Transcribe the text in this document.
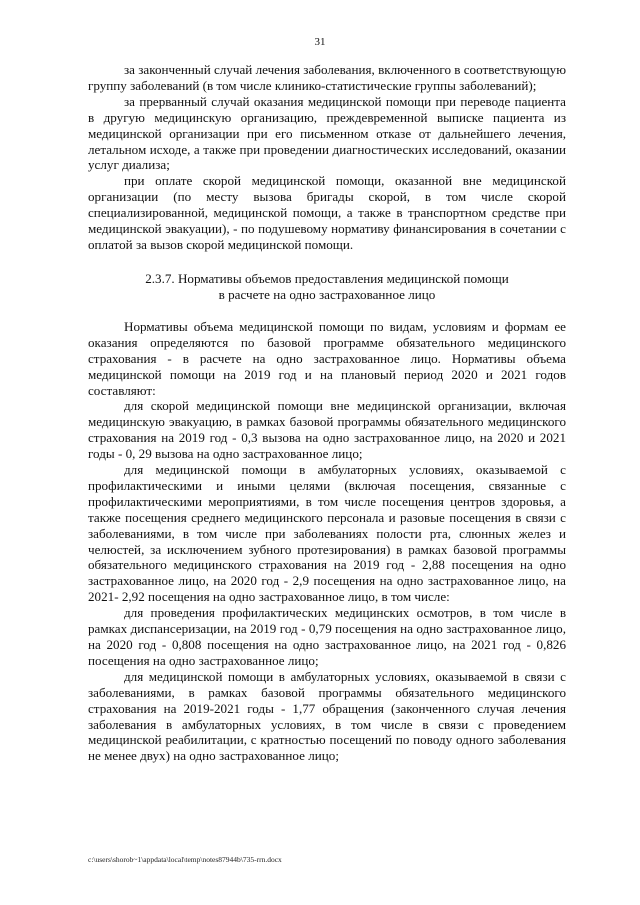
31

за законченный случай лечения заболевания, включенного в соответствующую группу заболеваний (в том числе клинико-статистические группы заболеваний);

за прерванный случай оказания медицинской помощи при переводе пациента в другую медицинскую организацию, преждевременной выписке пациента из медицинской организации при его письменном отказе от дальнейшего лечения, летальном исходе, а также при проведении диагностических исследований, оказании услуг диализа;

при оплате скорой медицинской помощи, оказанной вне медицинской организации (по месту вызова бригады скорой, в том числе скорой специализированной, медицинской помощи, а также в транспортном средстве при медицинской эвакуации), - по подушевому нормативу финансирования в сочетании с оплатой за вызов скорой медицинской помощи.

2.3.7. Нормативы объемов предоставления медицинской помощи
в расчете на одно застрахованное лицо

Нормативы объема медицинской помощи по видам, условиям и формам ее оказания определяются по базовой программе обязательного медицинского страхования - в расчете на одно застрахованное лицо. Нормативы объема медицинской помощи на 2019 год и на плановый период 2020 и 2021 годов составляют:

для скорой медицинской помощи вне медицинской организации, включая медицинскую эвакуацию, в рамках базовой программы обязательного медицинского страхования на 2019 год - 0,3 вызова на одно застрахованное лицо, на 2020 и 2021 годы - 0, 29 вызова на одно застрахованное лицо;

для медицинской помощи в амбулаторных условиях, оказываемой с профилактическими и иными целями (включая посещения, связанные с профилактическими мероприятиями, в том числе посещения центров здоровья, а также посещения среднего медицинского персонала и разовые посещения в связи с заболеваниями, в том числе при заболеваниях полости рта, слюнных желез и челюстей, за исключением зубного протезирования) в рамках базовой программы обязательного медицинского страхования на 2019 год - 2,88 посещения на одно застрахованное лицо, на 2020 год - 2,9 посещения на одно застрахованное лицо, на 2021- 2,92 посещения на одно застрахованное лицо, в том числе:

для проведения профилактических медицинских осмотров, в том числе в рамках диспансеризации, на 2019 год - 0,79 посещения на одно застрахованное лицо, на 2020 год - 0,808 посещения на одно застрахованное лицо, на 2021 год - 0,826 посещения на одно застрахованное лицо;

для медицинской помощи в амбулаторных условиях, оказываемой в связи с заболеваниями, в рамках базовой программы обязательного медицинского страхования на 2019-2021 годы - 1,77 обращения (законченного случая лечения заболевания в амбулаторных условиях, в том числе в связи с проведением медицинской реабилитации, с кратностью посещений по поводу одного заболевания не менее двух) на одно застрахованное лицо;

c:\users\shorob~1\appdata\local\temp\notes87944b\735-rrn.docx
